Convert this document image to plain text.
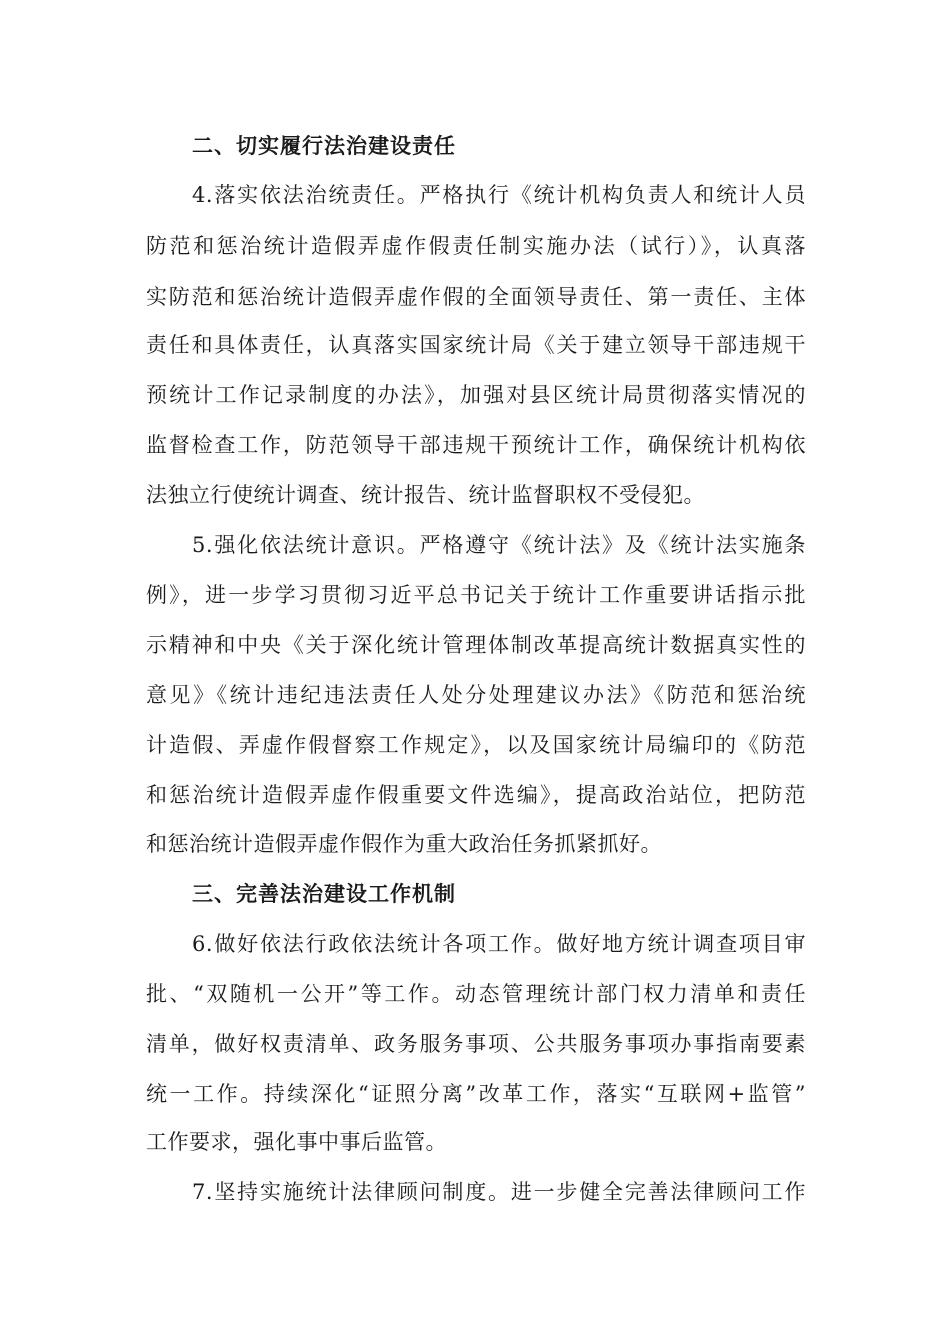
二、切实履行法治建设责任
4.落实依法治统责任。严格执行《统计机构负责人和统计人员
防范和惩治统计造假弄虚作假责任制实施办法（试行）》，认真落
实防范和惩治统计造假弄虚作假的全面领导责任、第一责任、主体
责任和具体责任，认真落实国家统计局《关于建立领导干部违规干
预统计工作记录制度的办法》，加强对县区统计局贯彻落实情况的
监督检查工作，防范领导干部违规干预统计工作，确保统计机构依
法独立行使统计调查、统计报告、统计监督职权不受侵犯。
5.强化依法统计意识。严格遵守《统计法》及《统计法实施条
例》，进一步学习贯彻习近平总书记关于统计工作重要讲话指示批
示精神和中央《关于深化统计管理体制改革提高统计数据真实性的
意见》《统计违纪违法责任人处分处理建议办法》《防范和惩治统
计造假、弄虚作假督察工作规定》，以及国家统计局编印的《防范
和惩治统计造假弄虚作假重要文件选编》，提高政治站位，把防范
和惩治统计造假弄虚作假作为重大政治任务抓紧抓好。
三、完善法治建设工作机制
6.做好依法行政依法统计各项工作。做好地方统计调查项目审
批、“双随机一公开”等工作。动态管理统计部门权力清单和责任
清单，做好权责清单、政务服务事项、公共服务事项办事指南要素
统一工作。持续深化“证照分离”改革工作，落实“互联网+监管”
工作要求，强化事中事后监管。
7.坚持实施统计法律顾问制度。进一步健全完善法律顾问工作
